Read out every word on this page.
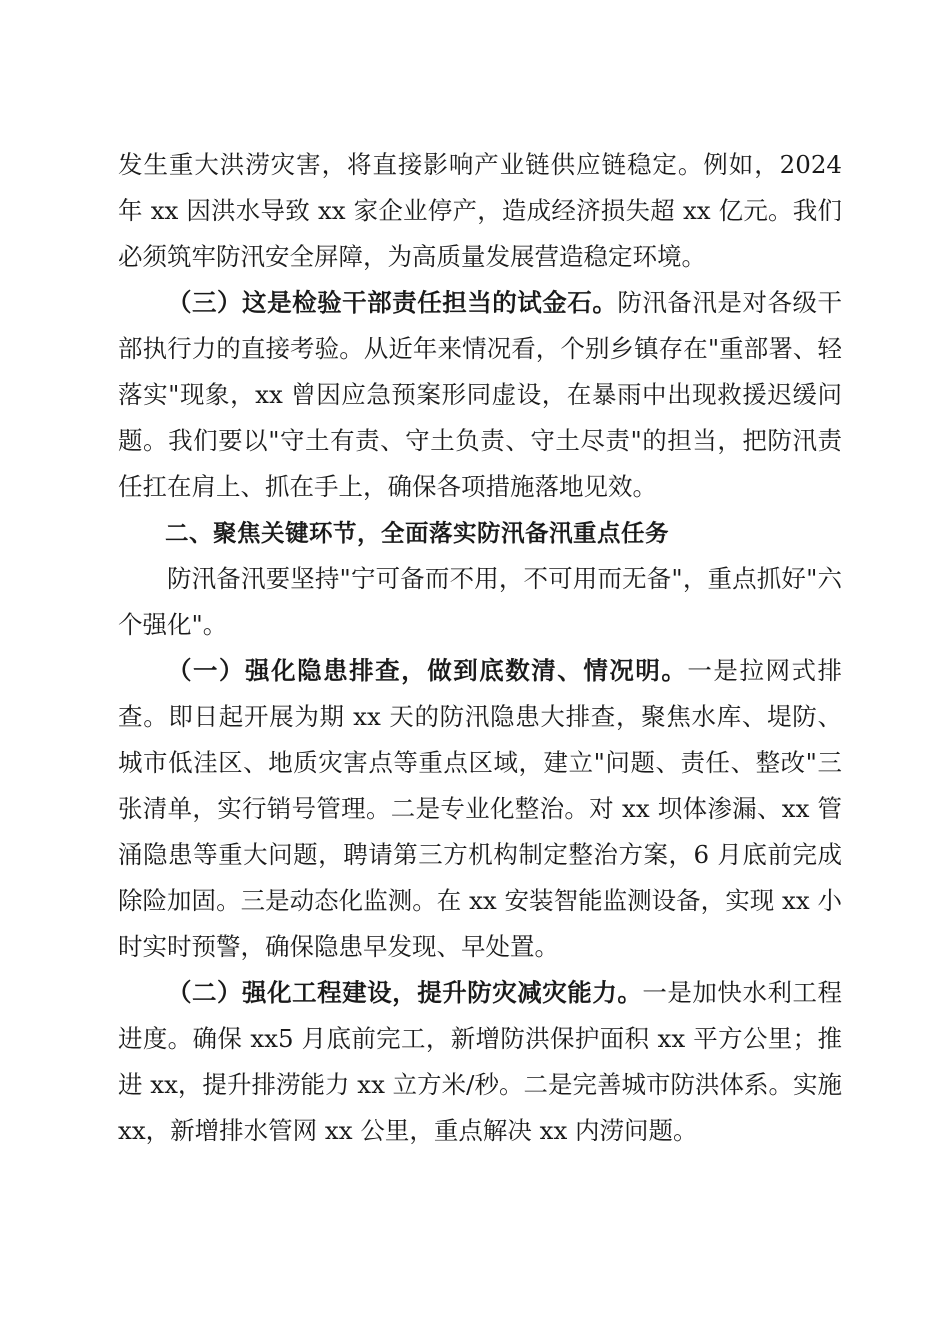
发生重大洪涝灾害，将直接影响产业链供应链稳定。例如，2024 年 xx 因洪水导致 xx 家企业停产，造成经济损失超 xx 亿元。我们必须筑牢防汛安全屏障，为高质量发展营造稳定环境。

（三）这是检验干部责任担当的试金石。防汛备汛是对各级干部执行力的直接考验。从近年来情况看，个别乡镇存在"重部署、轻落实"现象，xx 曾因应急预案形同虚设，在暴雨中出现救援迟缓问题。我们要以"守土有责、守土负责、守土尽责"的担当，把防汛责任扛在肩上、抓在手上，确保各项措施落地见效。

二、聚焦关键环节，全面落实防汛备汛重点任务

防汛备汛要坚持"宁可备而不用，不可用而无备"，重点抓好"六个强化"。

（一）强化隐患排查，做到底数清、情况明。一是拉网式排查。即日起开展为期 xx 天的防汛隐患大排查，聚焦水库、堤防、城市低洼区、地质灾害点等重点区域，建立"问题、责任、整改"三张清单，实行销号管理。二是专业化整治。对 xx 坝体渗漏、xx 管涌隐患等重大问题，聘请第三方机构制定整治方案，6 月底前完成除险加固。三是动态化监测。在 xx 安装智能监测设备，实现 xx 小时实时预警，确保隐患早发现、早处置。

（二）强化工程建设，提升防灾减灾能力。一是加快水利工程进度。确保 xx5 月底前完工，新增防洪保护面积 xx 平方公里；推进 xx，提升排涝能力 xx 立方米/秒。二是完善城市防洪体系。实施 xx，新增排水管网 xx 公里，重点解决 xx 内涝问题。
